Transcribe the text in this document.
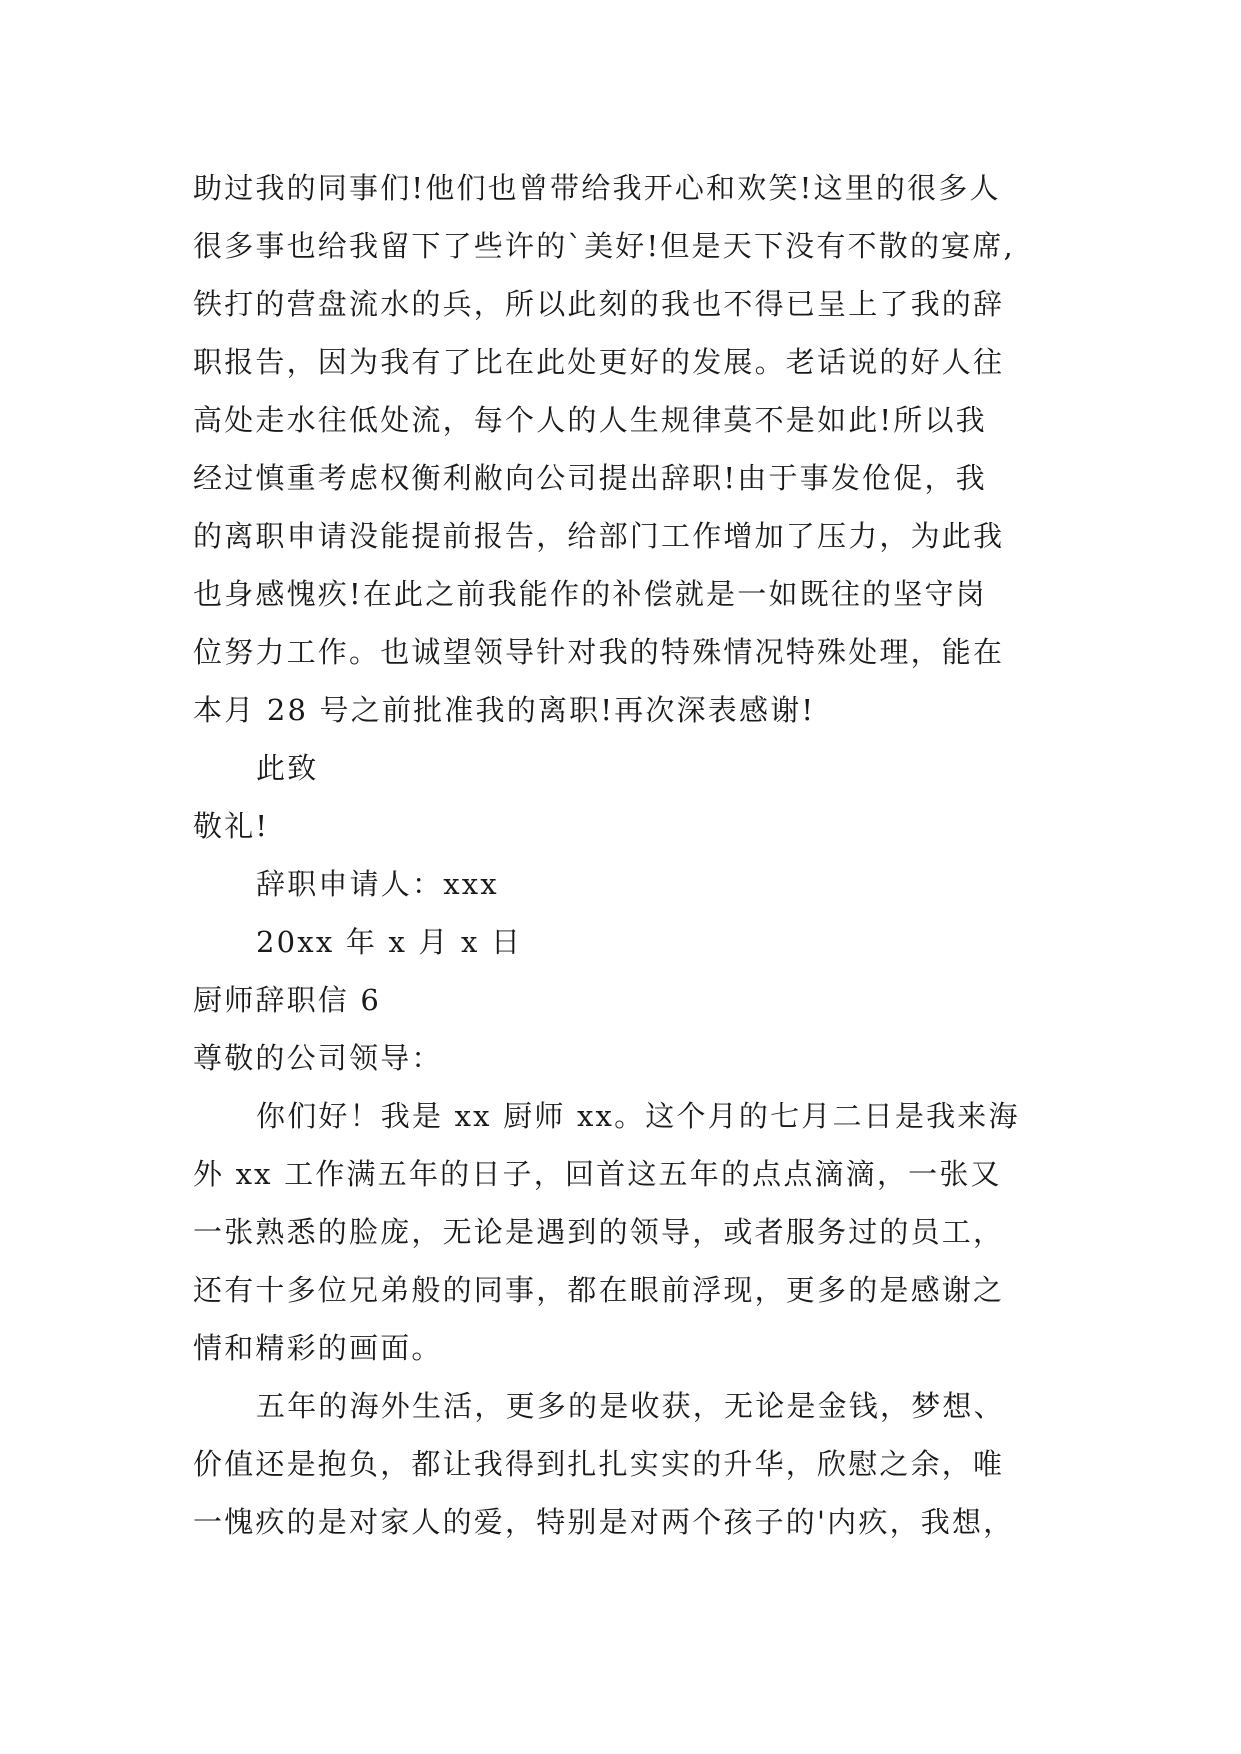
助过我的同事们!他们也曾带给我开心和欢笑!这里的很多人
很多事也给我留下了些许的`美好!但是天下没有不散的宴席,
铁打的营盘流水的兵，所以此刻的我也不得已呈上了我的辞
职报告，因为我有了比在此处更好的发展。老话说的好人往
高处走水往低处流，每个人的人生规律莫不是如此!所以我
经过慎重考虑权衡利敝向公司提出辞职!由于事发伧促，我
的离职申请没能提前报告，给部门工作增加了压力，为此我
也身感愧疚!在此之前我能作的补偿就是一如既往的坚守岗
位努力工作。也诚望领导针对我的特殊情况特殊处理，能在
本月 28 号之前批准我的离职!再次深表感谢!
此致
敬礼!
辞职申请人：xxx
20xx 年 x 月 x 日
厨师辞职信 6
尊敬的公司领导：
你们好！我是 xx 厨师 xx。这个月的七月二日是我来海
外 xx 工作满五年的日子，回首这五年的点点滴滴，一张又
一张熟悉的脸庞，无论是遇到的领导，或者服务过的员工，
还有十多位兄弟般的同事，都在眼前浮现，更多的是感谢之
情和精彩的画面。
五年的海外生活，更多的是收获，无论是金钱，梦想、
价值还是抱负，都让我得到扎扎实实的升华，欣慰之余，唯
一愧疚的是对家人的爱，特别是对两个孩子的'内疚，我想，
